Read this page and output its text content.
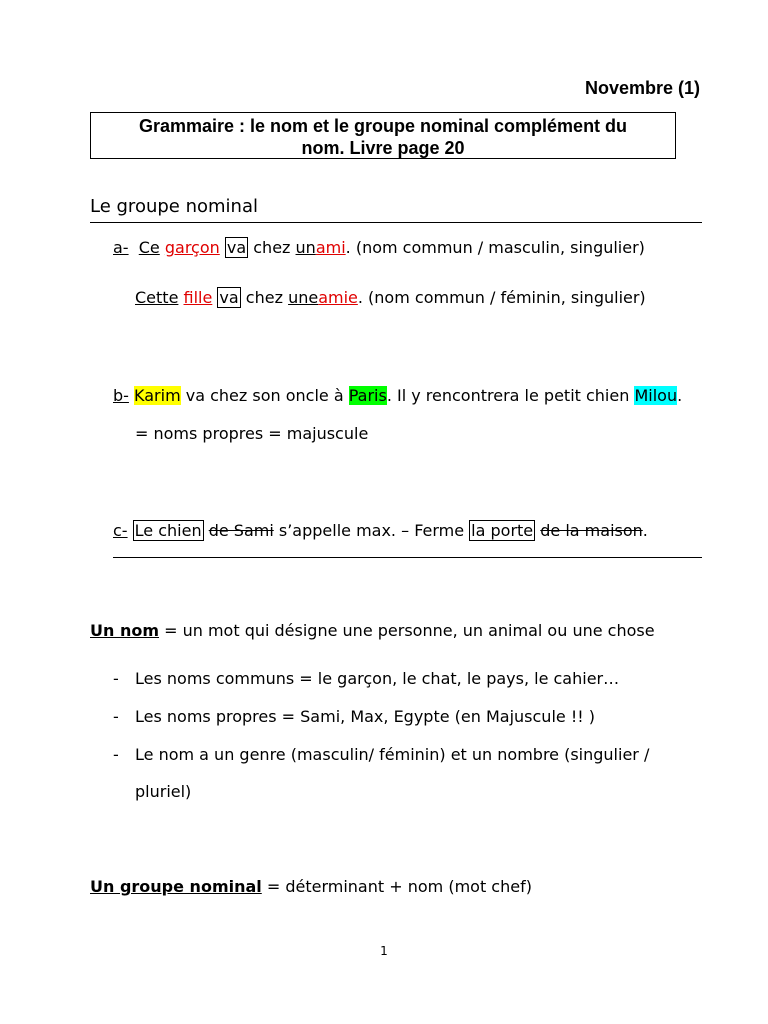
Novembre (1)
Grammaire : le nom et le groupe nominal complément du
nom. Livre page 20
Le groupe nominal
a- Ce garçon va chez unami. (nom commun / masculin, singulier)
Cette fille va chez uneamie. (nom commun / féminin, singulier)
b- Karim va chez son oncle à Paris. Il y rencontrera le petit chien Milou.
= noms propres = majuscule
c- Le chien de Sami s’appelle max. – Ferme la porte de la maison.
Un nom = un mot qui désigne une personne, un animal ou une chose
- Les noms communs = le garçon, le chat, le pays, le cahier…
- Les noms propres = Sami, Max, Egypte (en Majuscule !! )
- Le nom a un genre (masculin/ féminin) et un nombre (singulier /
pluriel)
Un groupe nominal = déterminant + nom (mot chef)
1
